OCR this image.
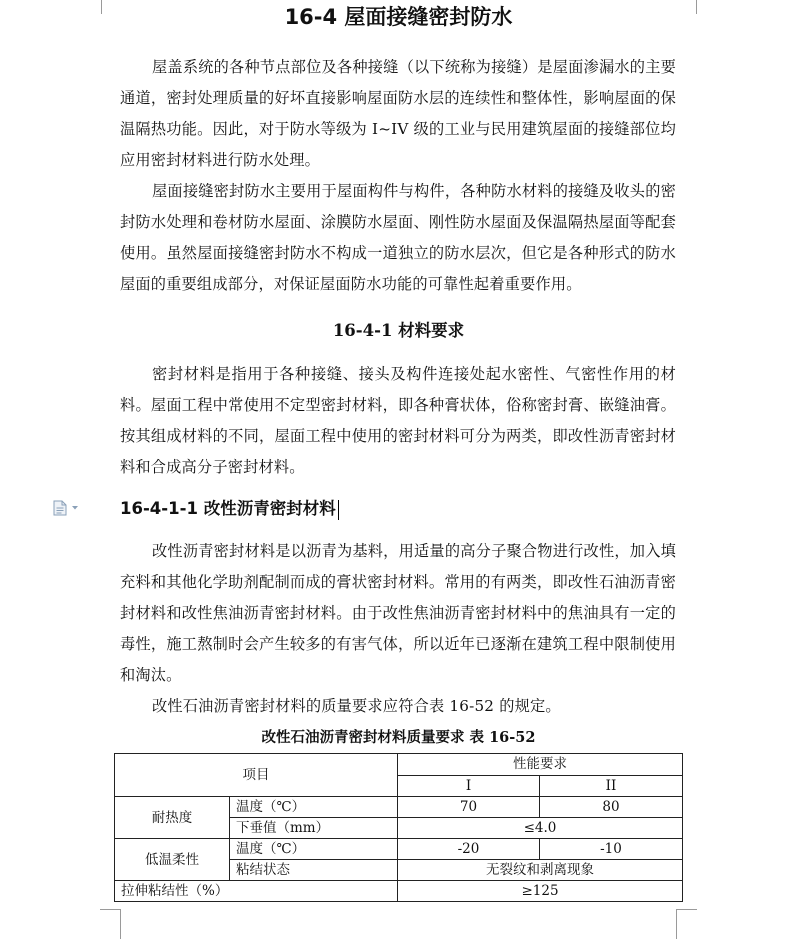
16-4 屋面接缝密封防水

屋盖系统的各种节点部位及各种接缝（以下统称为接缝）是屋面渗漏水的主要通道，密封处理质量的好坏直接影响屋面防水层的连续性和整体性，影响屋面的保温隔热功能。因此，对于防水等级为 I~IV 级的工业与民用建筑屋面的接缝部位均应用密封材料进行防水处理。

屋面接缝密封防水主要用于屋面构件与构件，各种防水材料的接缝及收头的密封防水处理和卷材防水屋面、涂膜防水屋面、刚性防水屋面及保温隔热屋面等配套使用。虽然屋面接缝密封防水不构成一道独立的防水层次，但它是各种形式的防水屋面的重要组成部分，对保证屋面防水功能的可靠性起着重要作用。

16-4-1 材料要求

密封材料是指用于各种接缝、接头及构件连接处起水密性、气密性作用的材料。屋面工程中常使用不定型密封材料，即各种膏状体，俗称密封膏、嵌缝油膏。按其组成材料的不同，屋面工程中使用的密封材料可分为两类，即改性沥青密封材料和合成高分子密封材料。

16-4-1-1 改性沥青密封材料

改性沥青密封材料是以沥青为基料，用适量的高分子聚合物进行改性，加入填充料和其他化学助剂配制而成的膏状密封材料。常用的有两类，即改性石油沥青密封材料和改性焦油沥青密封材料。由于改性焦油沥青密封材料中的焦油具有一定的毒性，施工熬制时会产生较多的有害气体，所以近年已逐渐在建筑工程中限制使用和淘汰。

改性石油沥青密封材料的质量要求应符合表 16-52 的规定。

改性石油沥青密封材料质量要求 表 16-52
项目		性能要求	
		I	II
耐热度	温度（℃）	70	80
	下垂值（mm）	≤4.0	
低温柔性	温度（℃）	-20	-10
	粘结状态	无裂纹和剥离现象	
拉伸粘结性（%）		≥125	
